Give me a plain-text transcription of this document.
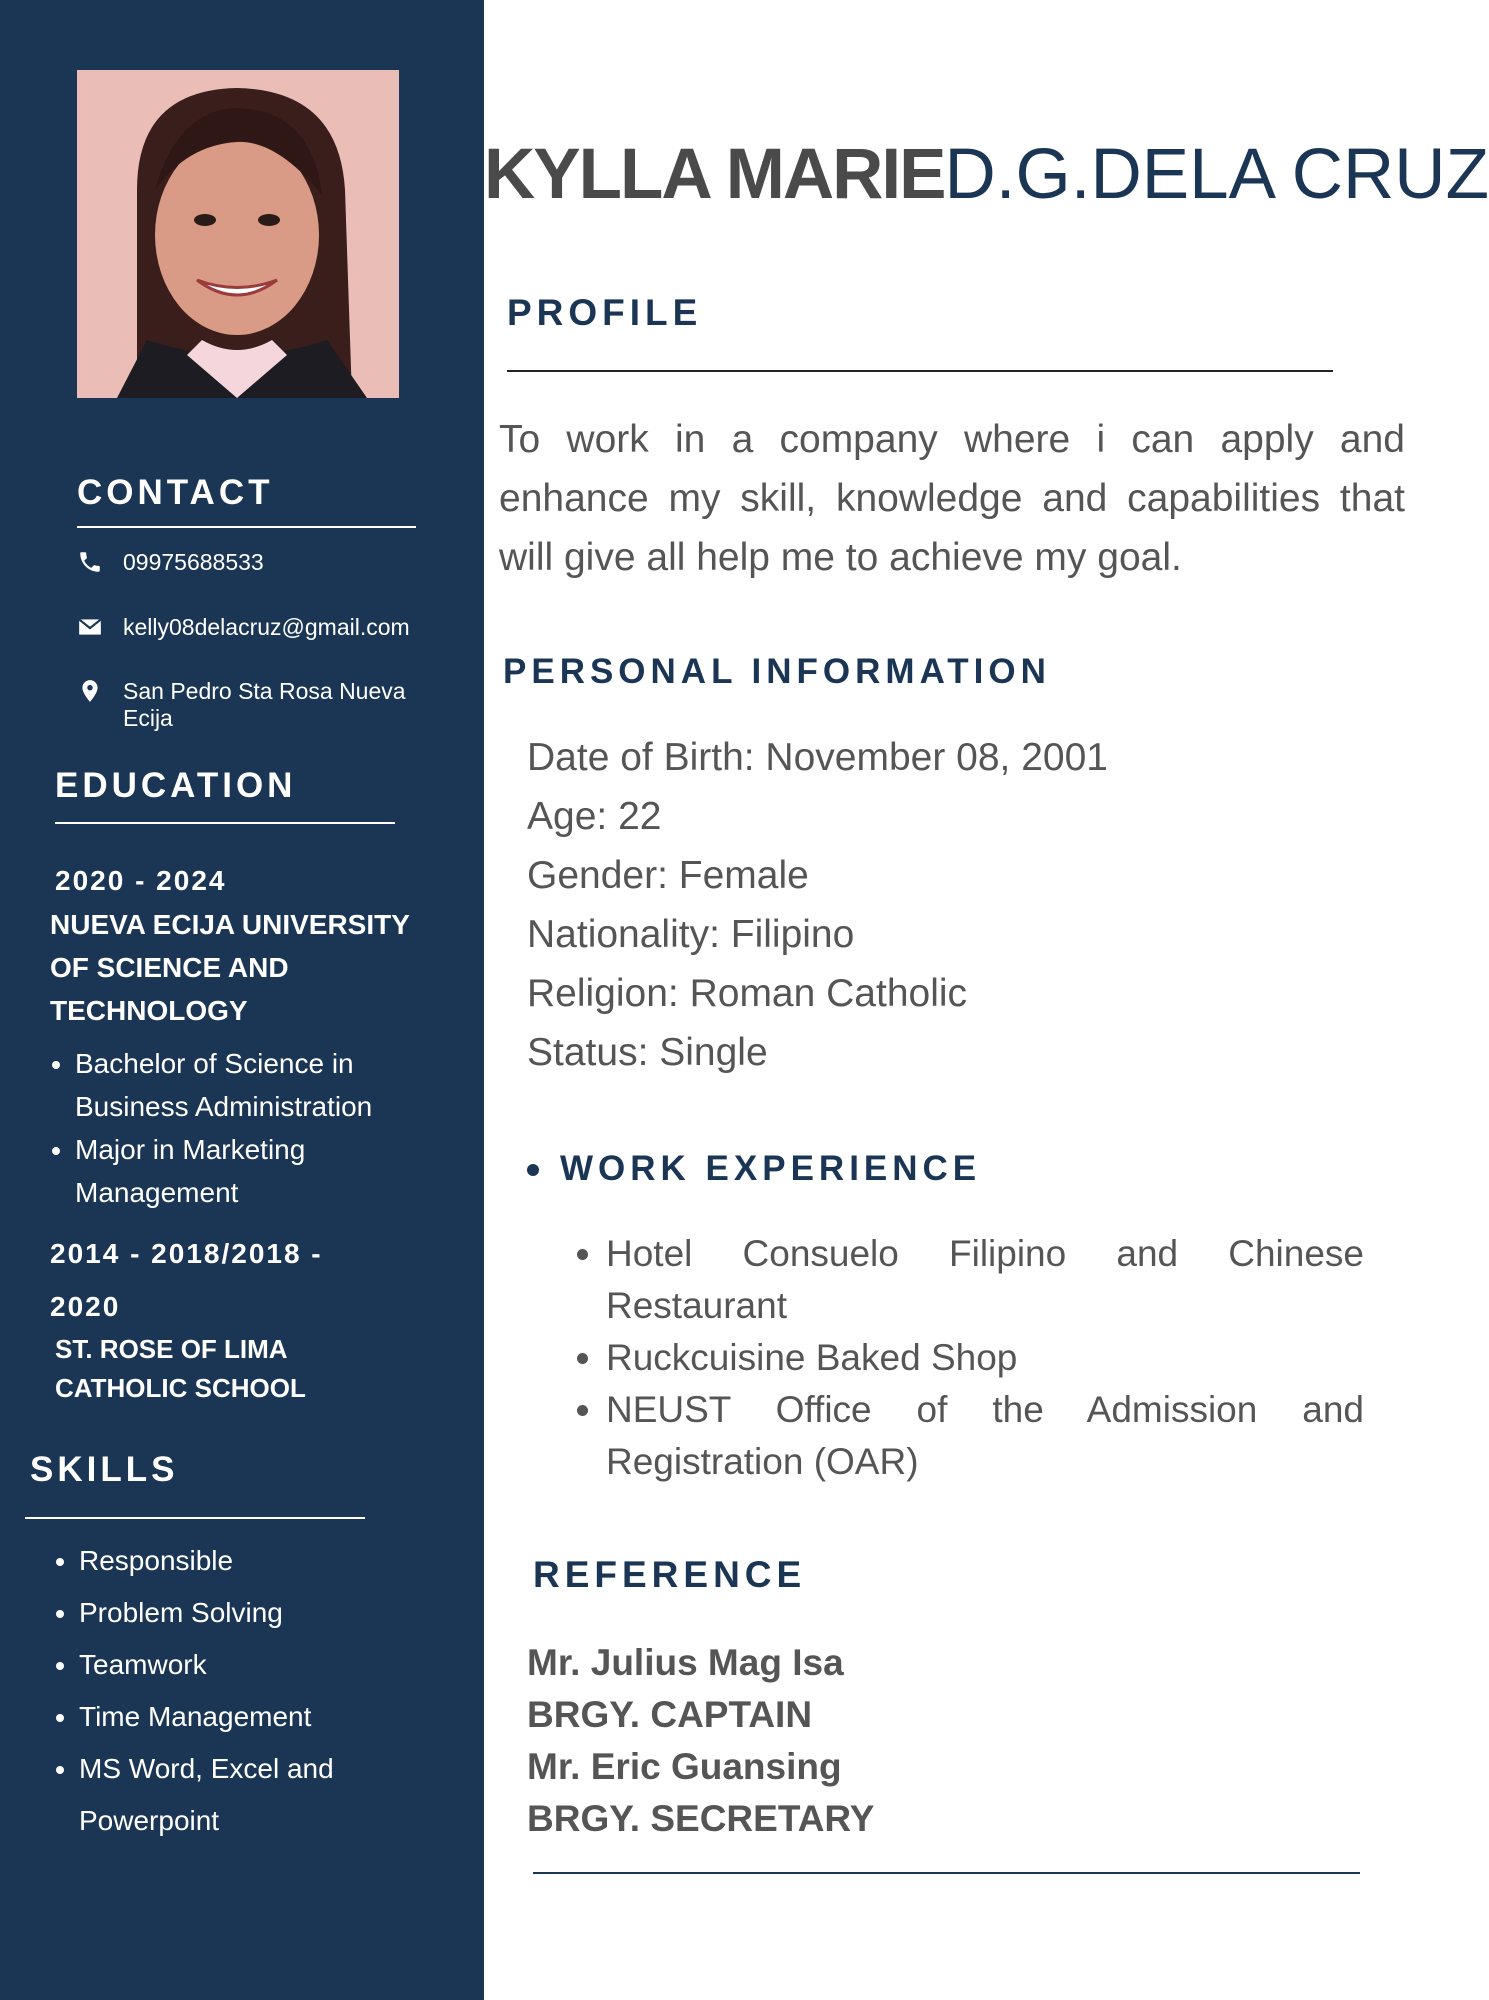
CONTACT
09975688533
kelly08delacruz@gmail.com
San Pedro Sta Rosa Nueva Ecija
EDUCATION
2020 - 2024
NUEVA ECIJA UNIVERSITY OF SCIENCE AND TECHNOLOGY
• Bachelor of Science in Business Administration
• Major in Marketing Management
2014 - 2018/2018 - 2020
ST. ROSE OF LIMA CATHOLIC SCHOOL
SKILLS
• Responsible
• Problem Solving
• Teamwork
• Time Management
• MS Word, Excel and Powerpoint
KYLLA MARIED.G.DELA CRUZ
PROFILE
To work in a company where i can apply and enhance my skill, knowledge and capabilities that will give all help me to achieve my goal.
PERSONAL INFORMATION
Date of Birth: November 08, 2001
Age: 22
Gender: Female
Nationality: Filipino
Religion: Roman Catholic
Status: Single
WORK EXPERIENCE
• Hotel Consuelo Filipino and Chinese Restaurant
• Ruckcuisine Baked Shop
• NEUST Office of the Admission and Registration (OAR)
REFERENCE
Mr. Julius Mag Isa
BRGY. CAPTAIN
Mr. Eric Guansing
BRGY. SECRETARY
